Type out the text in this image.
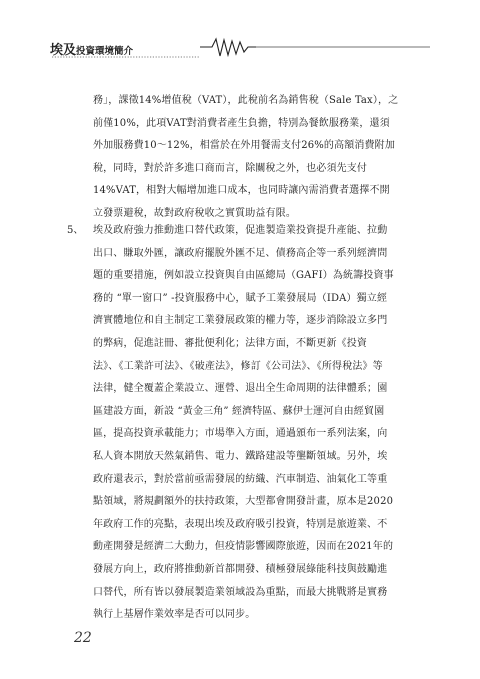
埃及投資環境簡介
務」，課徵14%增值稅（VAT），此稅前名為銷售稅（Sale Tax），之
前僅10%，此項VAT對消費者產生負擔，特別為餐飲服務業，還須
外加服務費10～12%，相當於在外用餐需支付26%的高額消費附加
稅，同時，對於許多進口商而言，除關稅之外，也必須先支付
14%VAT，相對大幅增加進口成本，也同時讓內需消費者選擇不開
立發票避稅，故對政府稅收之實質助益有限。
5、 埃及政府強力推動進口替代政策，促進製造業投資提升產能、拉動
出口、賺取外匯，讓政府擺脫外匯不足、債務高企等一系列經濟問
題的重要措施，例如設立投資與自由區總局（GAFI）為統籌投資事
務的 “單一窗口” -投資服務中心，賦予工業發展局（IDA）獨立經
濟實體地位和自主制定工業發展政策的權力等，逐步消除設立多門
的弊病，促進註冊、審批便利化；法律方面，不斷更新《投資
法》、《工業許可法》、《破產法》，修訂《公司法》、《所得稅法》等
法律，健全覆蓋企業設立、運營、退出全生命周期的法律體系；園
區建設方面，新設 “黃金三角” 經濟特區、蘇伊士運河自由經貿園
區，提高投資承載能力；市場準入方面，通過頒布一系列法案，向
私人資本開放天然氣銷售、電力、鐵路建設等壟斷領域。另外，埃
政府還表示，對於當前亟需發展的紡織、汽車制造、油氣化工等重
點領域，將規劃額外的扶持政策，大型都會開發計畫，原本是2020
年政府工作的亮點，表現出埃及政府吸引投資，特別是旅遊業、不
動產開發是經濟二大動力，但疫情影響國際旅遊，因而在2021年的
發展方向上，政府將推動新首都開發、積極發展綠能科技與鼓勵進
口替代，所有皆以發展製造業領域設為重點，而最大挑戰將是實務
執行上基層作業效率是否可以同步。
22
